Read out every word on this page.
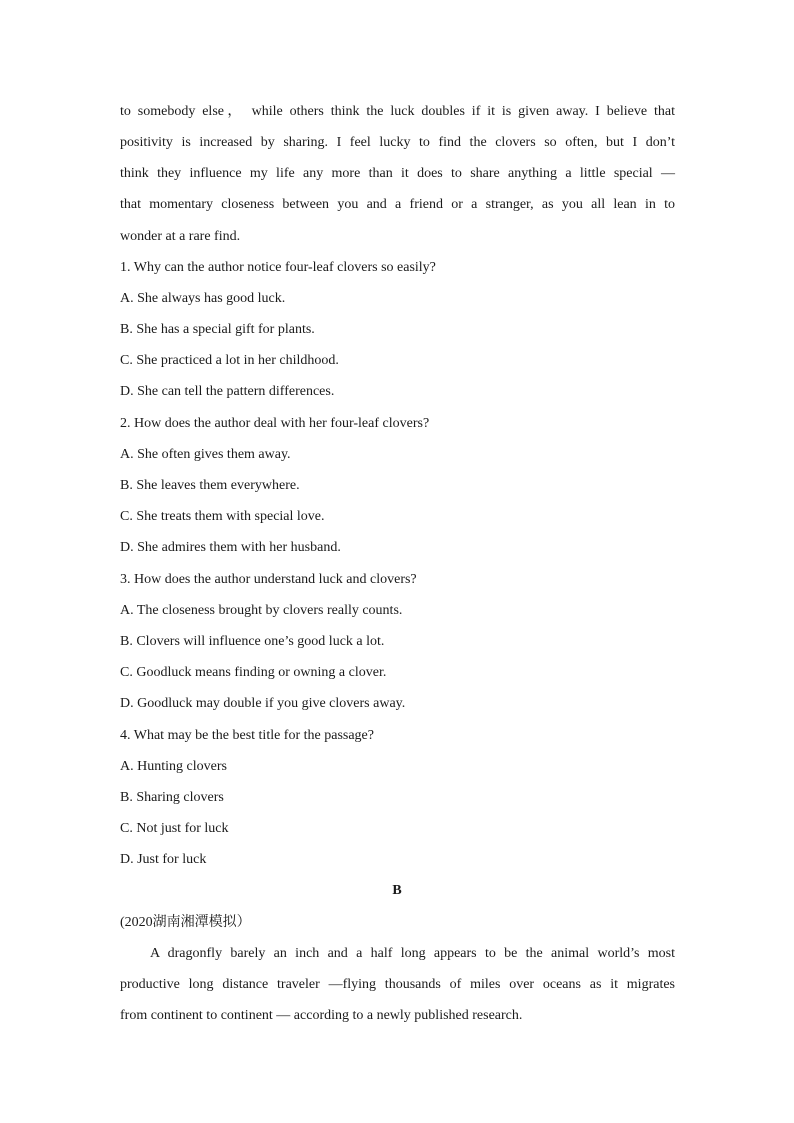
to somebody else， while others think the luck doubles if it is given away. I believe that
positivity is increased by sharing. I feel lucky to find the clovers so often, but I don’t
think they influence my life any more than it does to share anything a little special —
that momentary closeness between you and a friend or a stranger, as you all lean in to
wonder at a rare find.
1. Why can the author notice four-leaf clovers so easily?
A. She always has good luck.
B. She has a special gift for plants.
C. She practiced a lot in her childhood.
D. She can tell the pattern differences.
2. How does the author deal with her four-leaf clovers?
A. She often gives them away.
B. She leaves them everywhere.
C. She treats them with special love.
D. She admires them with her husband.
3. How does the author understand luck and clovers?
A. The closeness brought by clovers really counts.
B. Clovers will influence one’s good luck a lot.
C. Goodluck means finding or owning a clover.
D. Goodluck may double if you give clovers away.
4. What may be the best title for the passage?
A. Hunting clovers
B. Sharing clovers
C. Not just for luck
D. Just for luck
B
(2020湖南湘潭模拟）
A dragonfly barely an inch and a half long appears to be the animal world’s most
productive long distance traveler —flying thousands of miles over oceans as it migrates
from continent to continent — according to a newly published research.
